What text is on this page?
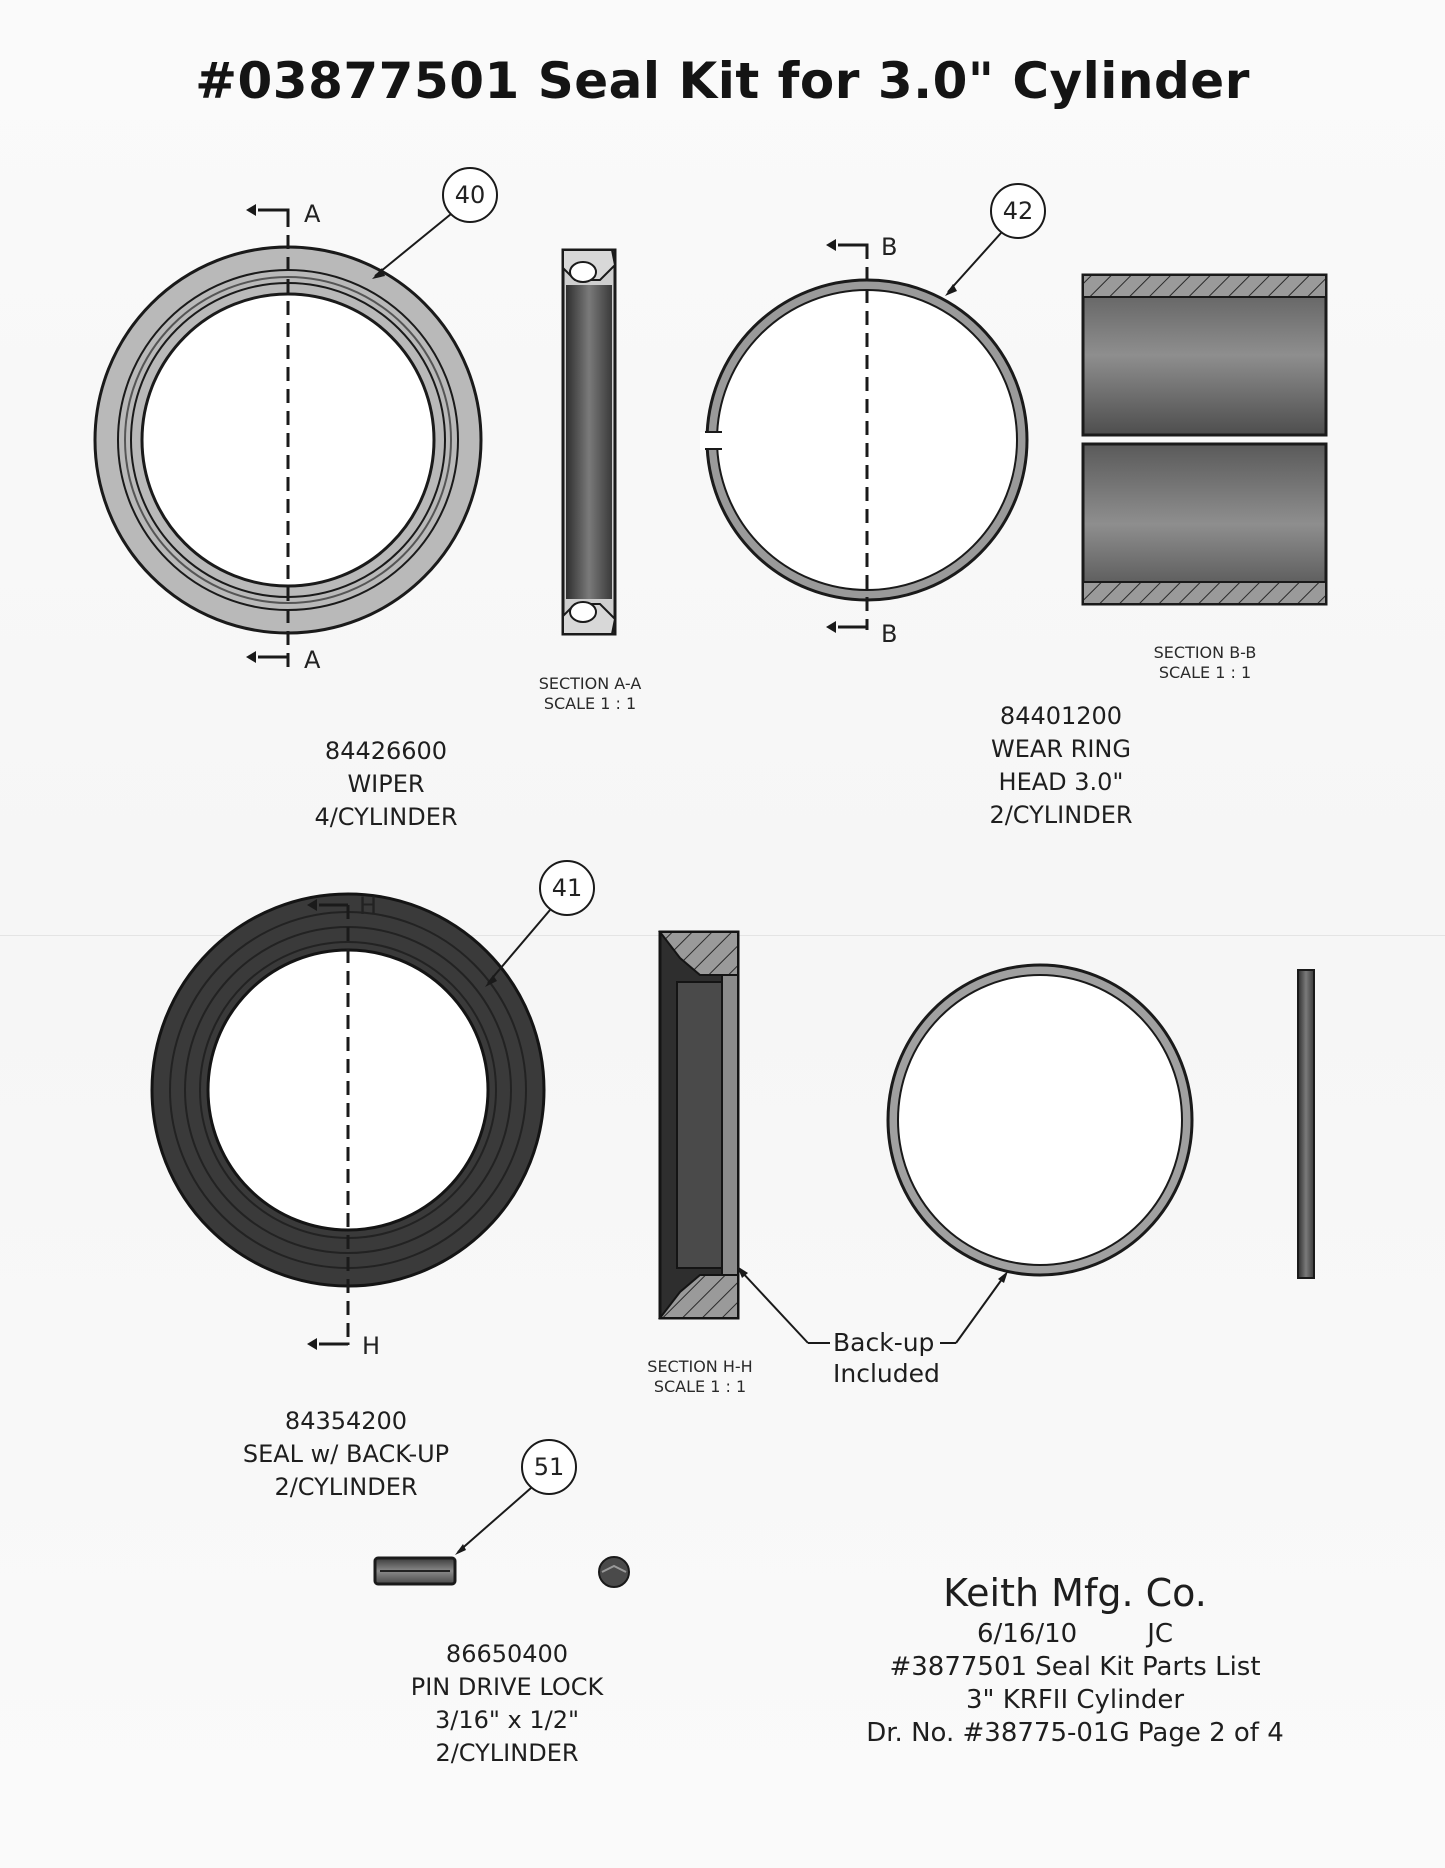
#03877501 Seal Kit for 3.0" Cylinder
40
42
41
51
A
A
B
B
H
H
SECTION A-A
SCALE 1 : 1
SECTION B-B
SCALE 1 : 1
SECTION H-H
SCALE 1 : 1
84426600
WIPER
4/CYLINDER
84401200
WEAR RING
HEAD 3.0"
2/CYLINDER
84354200
SEAL w/ BACK-UP
2/CYLINDER
86650400
PIN DRIVE LOCK
3/16" x 1/2"
2/CYLINDER
Back-up
Included
Keith Mfg. Co.
6/16/10	JC
#3877501 Seal Kit Parts List
3" KRFII Cylinder
Dr. No. #38775-01G Page 2 of 4
